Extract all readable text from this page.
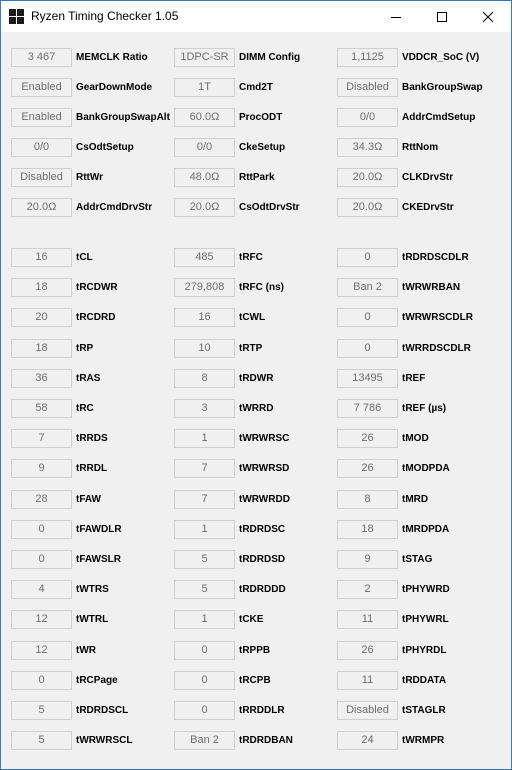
Ryzen Timing Checker 1.05
3 467	MEMCLK Ratio	1DPC-SR	DIMM Config	1,1125	VDDCR_SoC (V)
Enabled	GearDownMode	1T	Cmd2T	Disabled	BankGroupSwap
Enabled	BankGroupSwapAlt	60.0Ω	ProcODT	0/0	AddrCmdSetup
0/0	CsOdtSetup	0/0	CkeSetup	34.3Ω	RttNom
Disabled	RttWr	48.0Ω	RttPark	20.0Ω	CLKDrvStr
20.0Ω	AddrCmdDrvStr	20.0Ω	CsOdtDrvStr	20.0Ω	CKEDrvStr
16	tCL	485	tRFC	0	tRDRDSCDLR
18	tRCDWR	279,808	tRFC (ns)	Ban 2	tWRWRBAN
20	tRCDRD	16	tCWL	0	tWRWRSCDLR
18	tRP	10	tRTP	0	tWRRDSCDLR
36	tRAS	8	tRDWR	13495	tREF
58	tRC	3	tWRRD	7 786	tREF (µs)
7	tRRDS	1	tWRWRSC	26	tMOD
9	tRRDL	7	tWRWRSD	26	tMODPDA
28	tFAW	7	tWRWRDD	8	tMRD
0	tFAWDLR	1	tRDRDSC	18	tMRDPDA
0	tFAWSLR	5	tRDRDSD	9	tSTAG
4	tWTRS	5	tRDRDDD	2	tPHYWRD
12	tWTRL	1	tCKE	11	tPHYWRL
12	tWR	0	tRPPB	26	tPHYRDL
0	tRCPage	0	tRCPB	11	tRDDATA
5	tRDRDSCL	0	tRRDDLR	Disabled	tSTAGLR
5	tWRWRSCL	Ban 2	tRDRDBAN	24	tWRMPR
